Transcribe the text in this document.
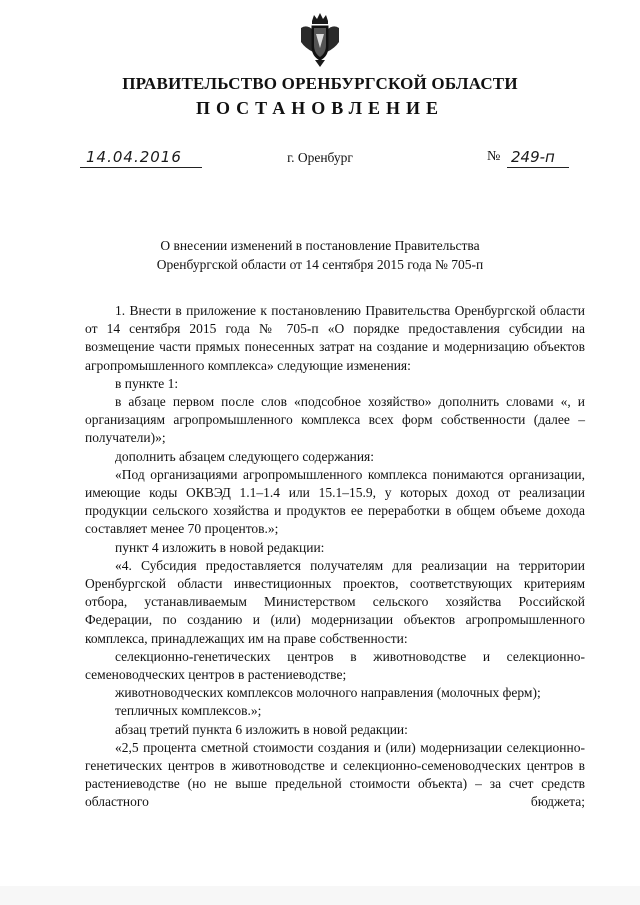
ПРАВИТЕЛЬСТВО ОРЕНБУРГСКОЙ ОБЛАСТИ
ПОСТАНОВЛЕНИЕ
14.04.2016	г. Оренбург	№ 249-п
О внесении изменений в постановление Правительства
Оренбургской области от 14 сентября 2015 года № 705-п

1. Внести в приложение к постановлению Правительства Оренбургской области от 14 сентября 2015 года № 705-п «О порядке предоставления субсидии на возмещение части прямых понесенных затрат на создание и модернизацию объектов агропромышленного комплекса» следующие изменения:

в пункте 1:

в абзаце первом после слов «подсобное хозяйство» дополнить словами «, и организациям агропромышленного комплекса всех форм собственности (далее – получатели)»;

дополнить абзацем следующего содержания:

«Под организациями агропромышленного комплекса понимаются организации, имеющие коды ОКВЭД 1.1–1.4 или 15.1–15.9, у которых доход от реализации продукции сельского хозяйства и продуктов ее переработки в общем объеме дохода составляет менее 70 процентов.»;

пункт 4 изложить в новой редакции:

«4. Субсидия предоставляется получателям для реализации на территории Оренбургской области инвестиционных проектов, соответствующих критериям отбора, устанавливаемым Министерством сельского хозяйства Российской Федерации, по созданию и (или) модернизации объектов агропромышленного комплекса, принадлежащих им на праве собственности:

селекционно-генетических центров в животноводстве и селекционно-семеноводческих центров в растениеводстве;

животноводческих комплексов молочного направления (молочных ферм);

тепличных комплексов.»;

абзац третий пункта 6 изложить в новой редакции:

«2,5 процента сметной стоимости создания и (или) модернизации селекционно-генетических центров в животноводстве и селекционно-семеноводческих центров в растениеводстве (но не выше предельной стоимости объекта) – за счет средств областного бюджета;
